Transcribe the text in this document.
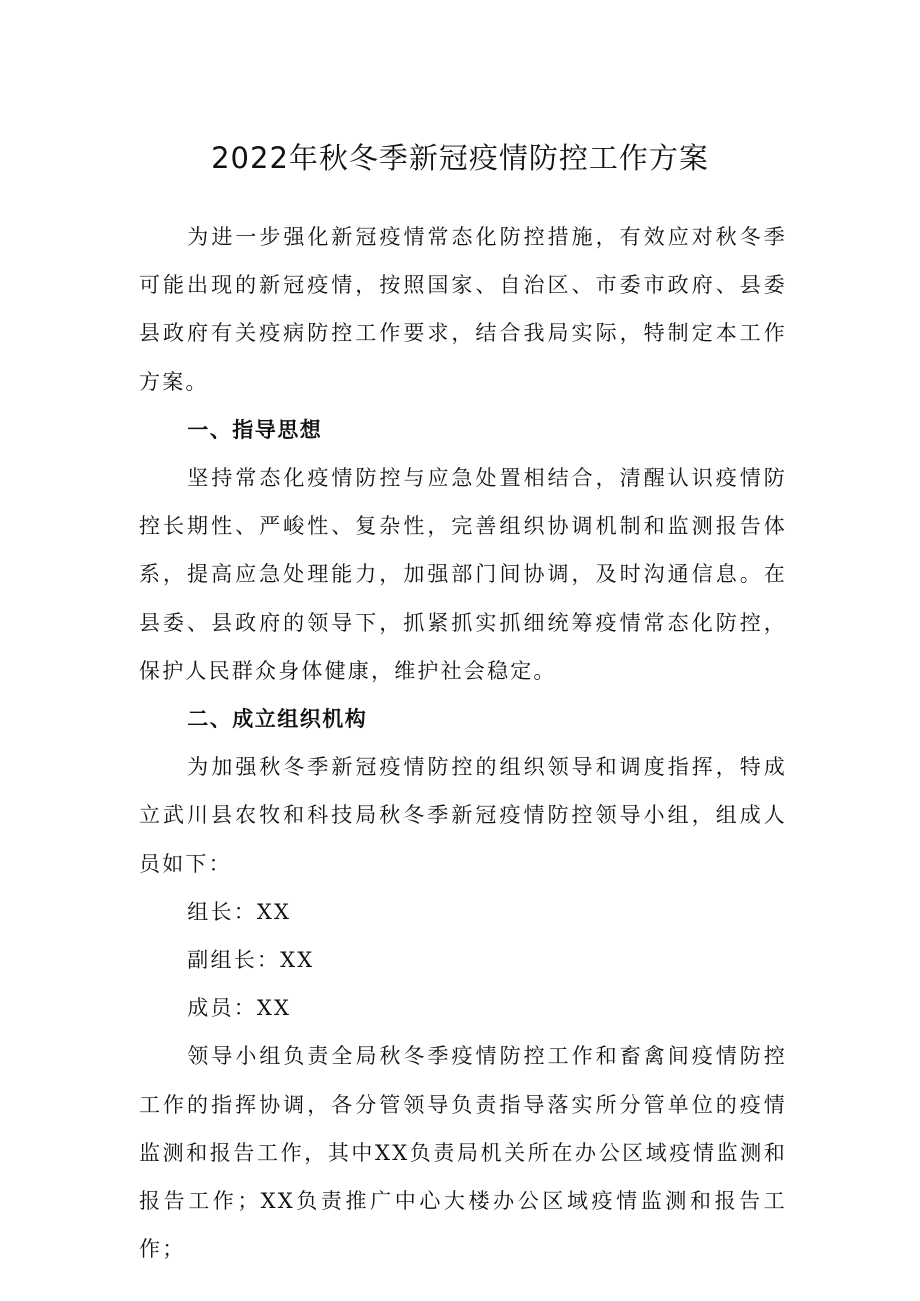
2022年秋冬季新冠疫情防控工作方案

为进一步强化新冠疫情常态化防控措施，有效应对秋冬季可能出现的新冠疫情，按照国家、自治区、市委市政府、县委县政府有关疫病防控工作要求，结合我局实际，特制定本工作方案。

一、指导思想

坚持常态化疫情防控与应急处置相结合，清醒认识疫情防控长期性、严峻性、复杂性，完善组织协调机制和监测报告体系，提高应急处理能力，加强部门间协调，及时沟通信息。在县委、县政府的领导下，抓紧抓实抓细统筹疫情常态化防控，保护人民群众身体健康，维护社会稳定。

二、成立组织机构

为加强秋冬季新冠疫情防控的组织领导和调度指挥，特成立武川县农牧和科技局秋冬季新冠疫情防控领导小组，组成人员如下：

组长：XX

副组长：XX

成员：XX

领导小组负责全局秋冬季疫情防控工作和畜禽间疫情防控工作的指挥协调，各分管领导负责指导落实所分管单位的疫情监测和报告工作，其中XX负责局机关所在办公区域疫情监测和报告工作；XX负责推广中心大楼办公区域疫情监测和报告工作；
